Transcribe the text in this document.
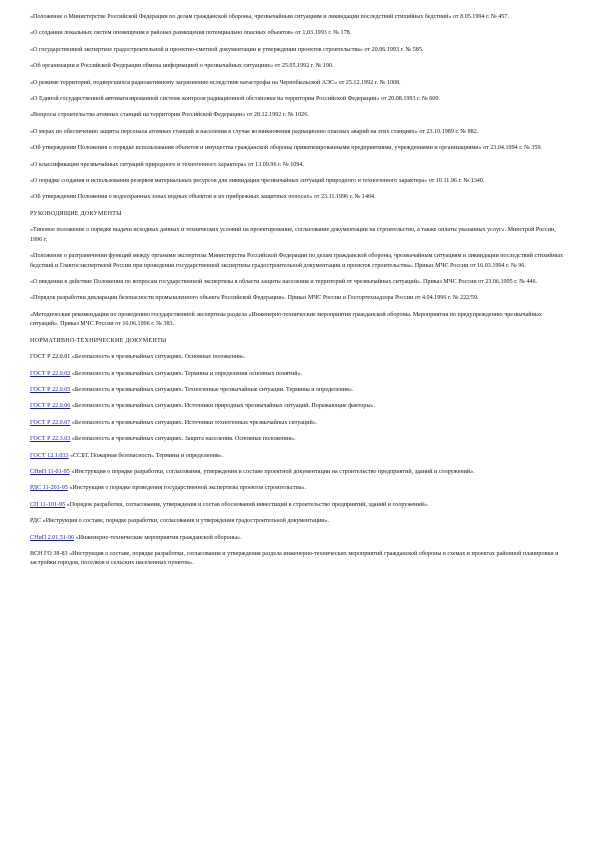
«Положение о Министерстве Российской Федерации по делам гражданской обороны, чрезвычайным ситуациям и ликвидации последствий стихийных бедствий» от 8.05.1994 г. № 457.

«О создании локальных систем оповещения в районах размещения потенциально опасных объектов» от 1.03.1993 г. № 178.

«О государственной экспертизе градостроительной и проектно-сметной документации и утверждении проектов строительства» от 20.06.1993 г. № 585.

«Об организации в Российской Федерации обмена информацией о чрезвычайных ситуациях» от 25.05.1992 г. № 190.

«О режиме территорий, подвергшихся радиоактивному загрязнению вследствие катастрофы на Чернобыльской АЭС» от 25.12.1992 г. № 1008.

«О Единой государственной автоматизированной системе контроля радиационной обстановки на территории Российской Федерации» от 20.08.1993 г. № 600.

«Вопросы строительства атомных станций на территории Российской Федерации» от 28.12.1992 г. № 1026.

«О мерах по обеспечению защиты персонала атомных станций и населения в случае возникновения радиационно опасных аварий на этих станциях» от 23.10.1989 г. № 882.

«Об утверждении Положения о порядке использования объектов и имущества гражданской обороны приватизированными предприятиями, учреждениями и организациями» от 23.04.1994 г. № 359.

«О классификации чрезвычайных ситуаций природного и техногенного характера» от 13.09.96 г. № 1094.

«О порядке создания и использования резервов материальных ресурсов для ликвидации чрезвычайных ситуаций природного и техногенного характера» от 10.11.96 г. № 1340.

«Об утверждении Положения о водоохранных зонах водных объектов и их прибрежных защитных полосах» от 23.11.1996 г. № 1404.

РУКОВОДЯЩИЕ ДОКУМЕНТЫ

«Типовое положение о порядке выдачи исходных данных и технических условий на проектирование, согласование документации на строительство, а также оплаты указанных услуг». Минстрой России, 1996 г.

«Положение о разграничении функций между органами экспертизы Министерства Российской Федерации по делам гражданской обороны, чрезвычайным ситуациям и ликвидации последствий стихийных бедствий и Главгосэкспертизой России при проведении государственной экспертизы градостроительной документации и проектов строительства». Приказ МЧС России от 16.03.1994 г. № 96.

«О введении в действие Положения по вопросам государственной экспертизы в области защиты населения и территорий от чрезвычайных ситуаций». Приказ МЧС России от 23.06.1995 г. № 446.

«Порядок разработки декларации безопасности промышленного объекта Российской Федерации». Приказ МЧС России и Госгортехнадзора России от 4.04.1996 г. № 222/59.

«Методические рекомендации по проведению государственной экспертизы раздела «Инженерно-технические мероприятия гражданской обороны. Мероприятия по предупреждению чрезвычайных ситуаций». Приказ МЧС России от 10.06.1996 г. № 383.

НОРМАТИВНО-ТЕХНИЧЕСКИЕ ДОКУМЕНТЫ

ГОСТ Р 22.0.01 «Безопасность в чрезвычайных ситуациях. Основные положения».

ГОСТ Р 22.0.02 «Безопасность в чрезвычайных ситуациях. Термины и определения основных понятий».

ГОСТ Р 22.0.05 «Безопасность в чрезвычайных ситуациях. Техногенные чрезвычайные ситуации. Термины и определения».

ГОСТ Р 22.0.06 «Безопасность в чрезвычайных ситуациях. Источники природных чрезвычайных ситуаций. Поражающие факторы».

ГОСТ Р 22.0.07 «Безопасность в чрезвычайных ситуациях. Источники техногенных чрезвычайных ситуаций».

ГОСТ Р 22.3.03 «Безопасность в чрезвычайных ситуациях. Защита населения. Основные положения».

ГОСТ 12.1.033 «ССБТ. Пожарная безопасность. Термины и определения».

СНиП 11-01-95 «Инструкция о порядке разработки, согласования, утверждения и составе проектной документации на строительство предприятий, зданий и сооружений».

РДС 11-201-95 «Инструкция о порядке проведения государственной экспертизы проектов строительства».

СП 11-101-95 «Порядок разработки, согласования, утверждения и состав обоснований инвестиций в строительство предприятий, зданий и сооружений».

РДС «Инструкция о составе, порядке разработки, согласования и утверждения градостроительной документации».

СНиП 2.01.51-90 «Инженерно-технические мероприятия гражданской обороны».

ВСН ГО 38-83 «Инструкция о составе, порядке разработки, согласования и утверждения раздела инженерно-технических мероприятий гражданской обороны в схемах и проектах районной планировки и застройки городов, поселков и сельских населенных пунктов».
